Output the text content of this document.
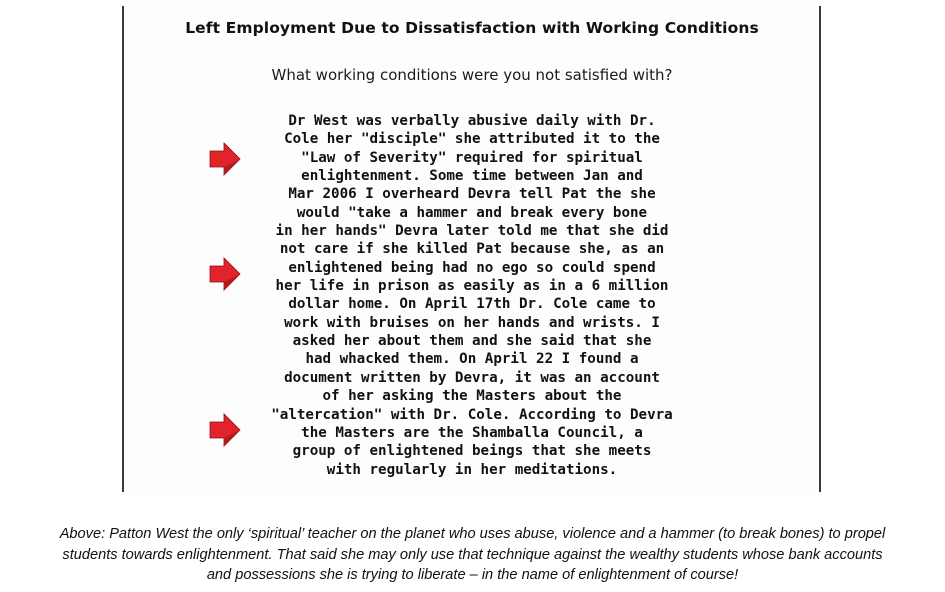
Left Employment Due to Dissatisfaction with Working Conditions
What working conditions were you not satisfied with?
Dr West was verbally abusive daily with Dr.
Cole her "disciple" she attributed it to the
"Law of Severity" required for spiritual
enlightenment. Some time between Jan and
Mar 2006 I overheard Devra tell Pat the she
would "take a hammer and break every bone
in her hands" Devra later told me that she did
not care if she killed Pat because she, as an
enlightened being had no ego so could spend
her life in prison as easily as in a 6 million
dollar home. On April 17th Dr. Cole came to
work with bruises on her hands and wrists. I
asked her about them and she said that she
had whacked them. On April 22 I found a
document written by Devra, it was an account
of her asking the Masters about the
"altercation" with Dr. Cole. According to Devra
the Masters are the Shamballa Council, a
group of enlightened beings that she meets
with regularly in her meditations.

Above: Patton West the only ‘spiritual’ teacher on the planet who uses abuse, violence and a hammer (to break bones) to propel
students towards enlightenment. That said she may only use that technique against the wealthy students whose bank accounts
and possessions she is trying to liberate – in the name of enlightenment of course!
